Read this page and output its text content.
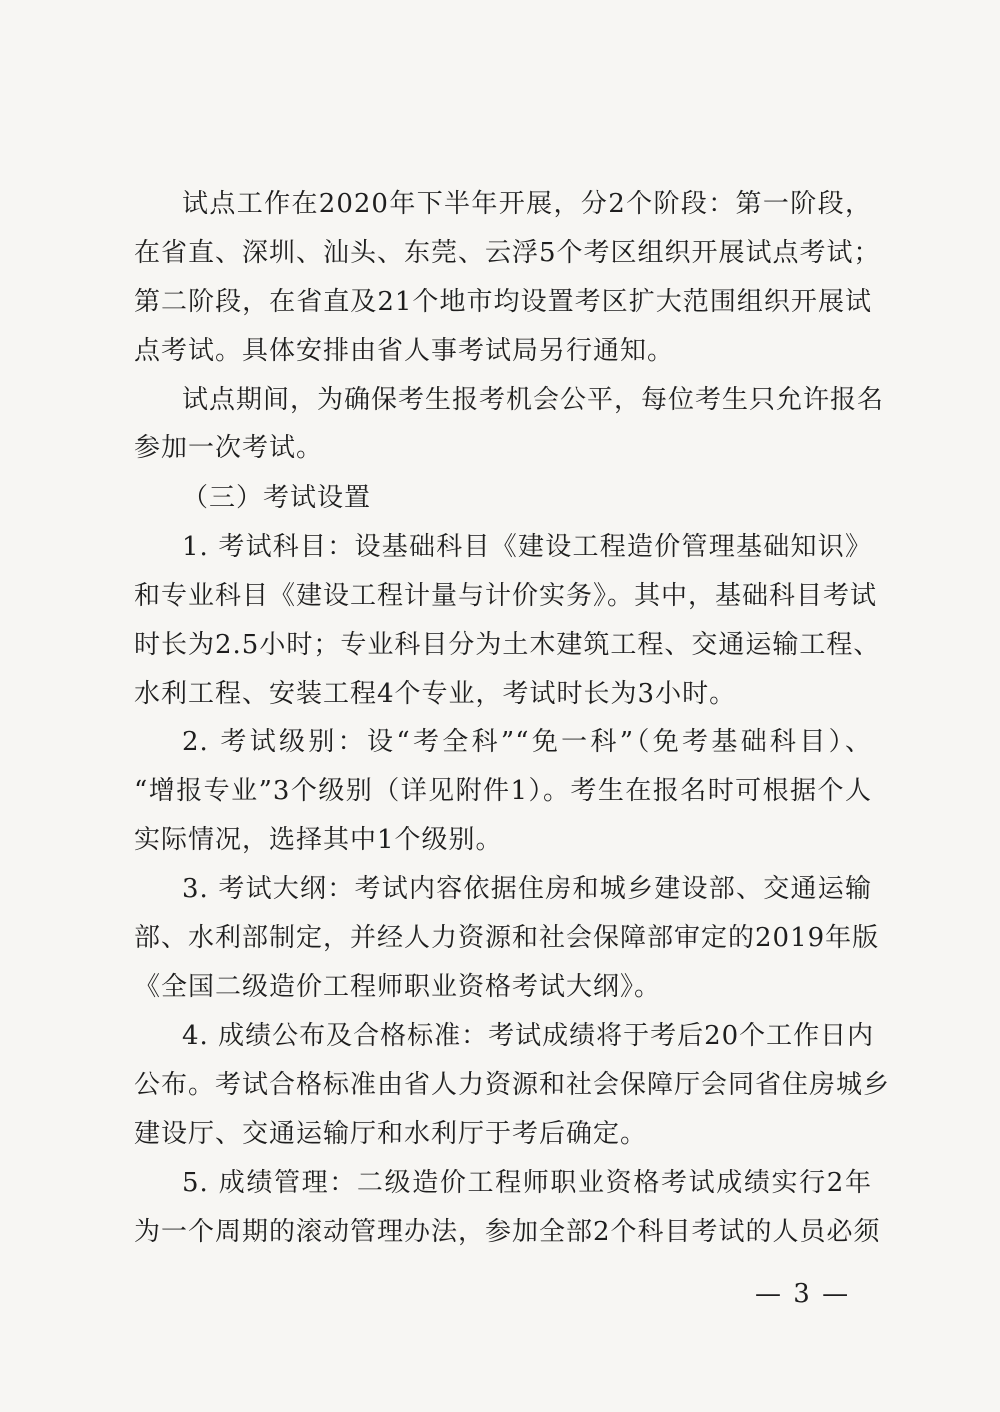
试点工作在2020年下半年开展，分2个阶段：第一阶段，
在省直、深圳、汕头、东莞、云浮5个考区组织开展试点考试；
第二阶段，在省直及21个地市均设置考区扩大范围组织开展试
点考试。具体安排由省人事考试局另行通知。
试点期间，为确保考生报考机会公平，每位考生只允许报名
参加一次考试。
（三）考试设置
1. 考试科目：设基础科目《建设工程造价管理基础知识》
和专业科目《建设工程计量与计价实务》。其中，基础科目考试
时长为2.5小时；专业科目分为土木建筑工程、交通运输工程、
水利工程、安装工程4个专业，考试时长为3小时。
2. 考试级别：设“考全科”“免一科”（免考基础科目）、
“增报专业”3个级别（详见附件1）。考生在报名时可根据个人
实际情况，选择其中1个级别。
3. 考试大纲：考试内容依据住房和城乡建设部、交通运输
部、水利部制定，并经人力资源和社会保障部审定的2019年版
《全国二级造价工程师职业资格考试大纲》。
4. 成绩公布及合格标准：考试成绩将于考后20个工作日内
公布。考试合格标准由省人力资源和社会保障厅会同省住房城乡
建设厅、交通运输厅和水利厅于考后确定。
5. 成绩管理：二级造价工程师职业资格考试成绩实行2年
为一个周期的滚动管理办法，参加全部2个科目考试的人员必须
— 3 —
